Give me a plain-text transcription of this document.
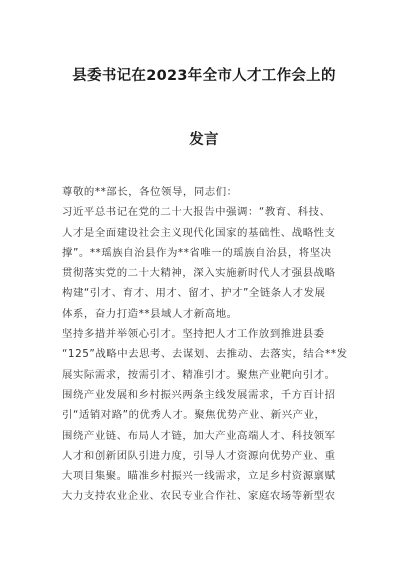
县委书记在2023年全市人才工作会上的
发言
尊敬的**部长，各位领导，同志们：
习近平总书记在党的二十大报告中强调：“教育、科技、
人才是全面建设社会主义现代化国家的基础性、战略性支
撑”。**瑶族自治县作为**省唯一的瑶族自治县，将坚决
贯彻落实党的二十大精神，深入实施新时代人才强县战略
构建“引才、育才、用才、留才、护才”全链条人才发展
体系，奋力打造**县域人才新高地。
坚持多措并举领心引才。坚持把人才工作放到推进县委
“125”战略中去思考、去谋划、去推动、去落实，结合**发
展实际需求，按需引才、精准引才。聚焦产业靶向引才。
围绕产业发展和乡村振兴两条主线发展需求，千方百计招
引“适销对路”的优秀人才。聚焦优势产业、新兴产业，
围绕产业链、布局人才链，加大产业高端人才、科技领军
人才和创新团队引进力度，引导人才资源向优势产业、重
大项目集聚。瞄准乡村振兴一线需求，立足乡村资源禀赋
大力支持农业企业、农民专业合作社、家庭农场等新型农
